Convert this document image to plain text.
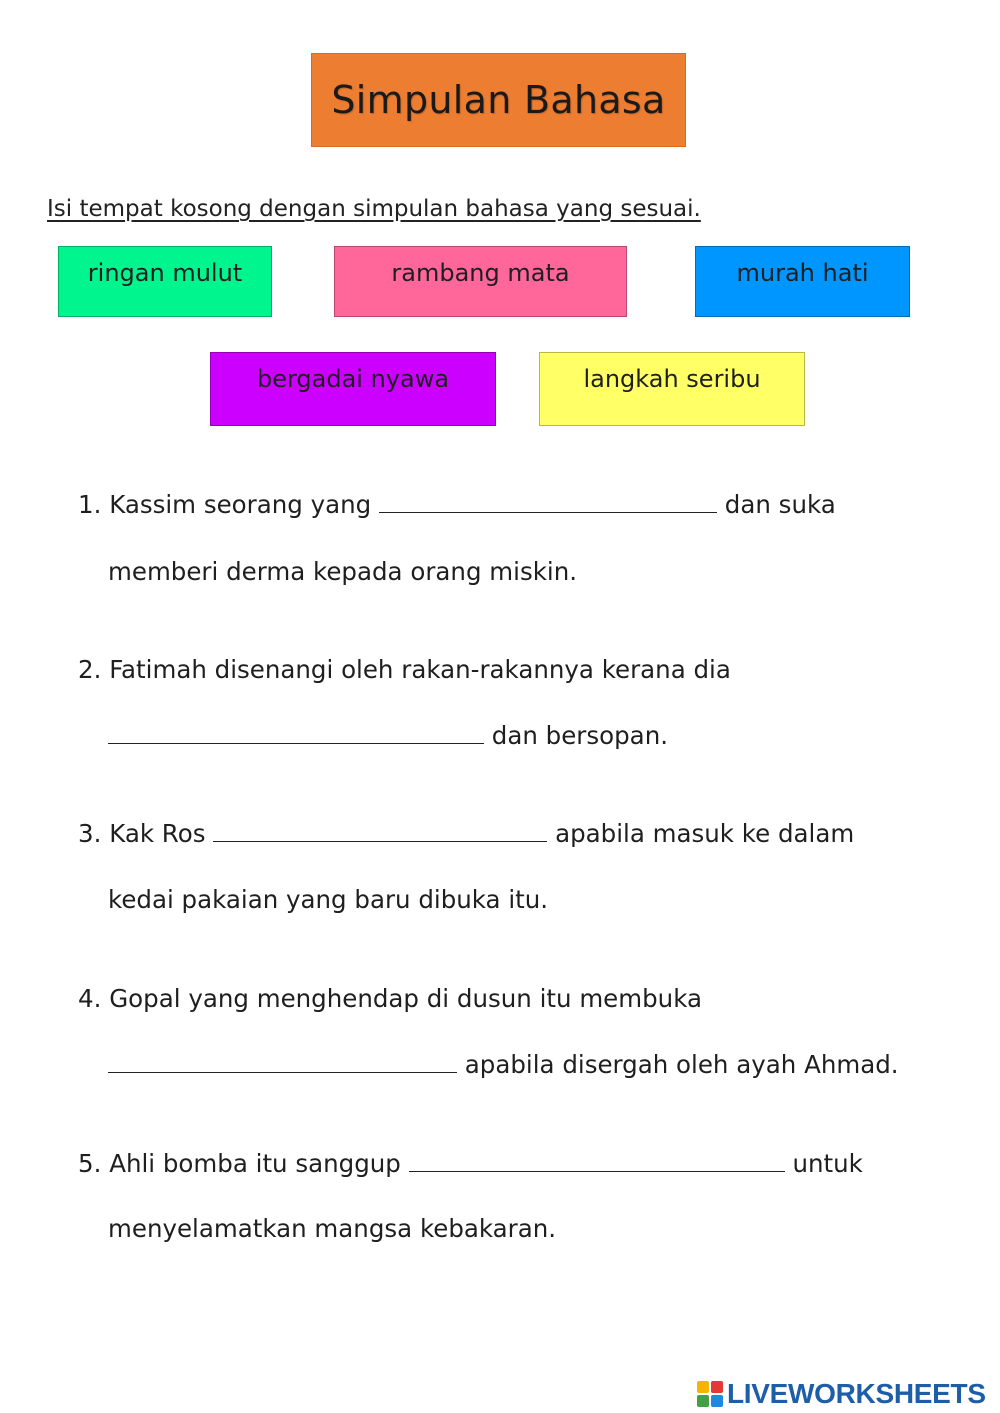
Simpulan Bahasa
Isi tempat kosong dengan simpulan bahasa yang sesuai.
ringan mulut	rambang mata	murah hati
bergadai nyawa	langkah seribu
1. Kassim seorang yang	dan suka
memberi derma kepada orang miskin.
2. Fatimah disenangi oleh rakan-rakannya kerana dia
dan bersopan.
3. Kak Ros	apabila masuk ke dalam
kedai pakaian yang baru dibuka itu.
4. Gopal yang menghendap di dusun itu membuka
apabila disergah oleh ayah Ahmad.
5. Ahli bomba itu sanggup	untuk
menyelamatkan mangsa kebakaran.
LIVEWORKSHEETS
